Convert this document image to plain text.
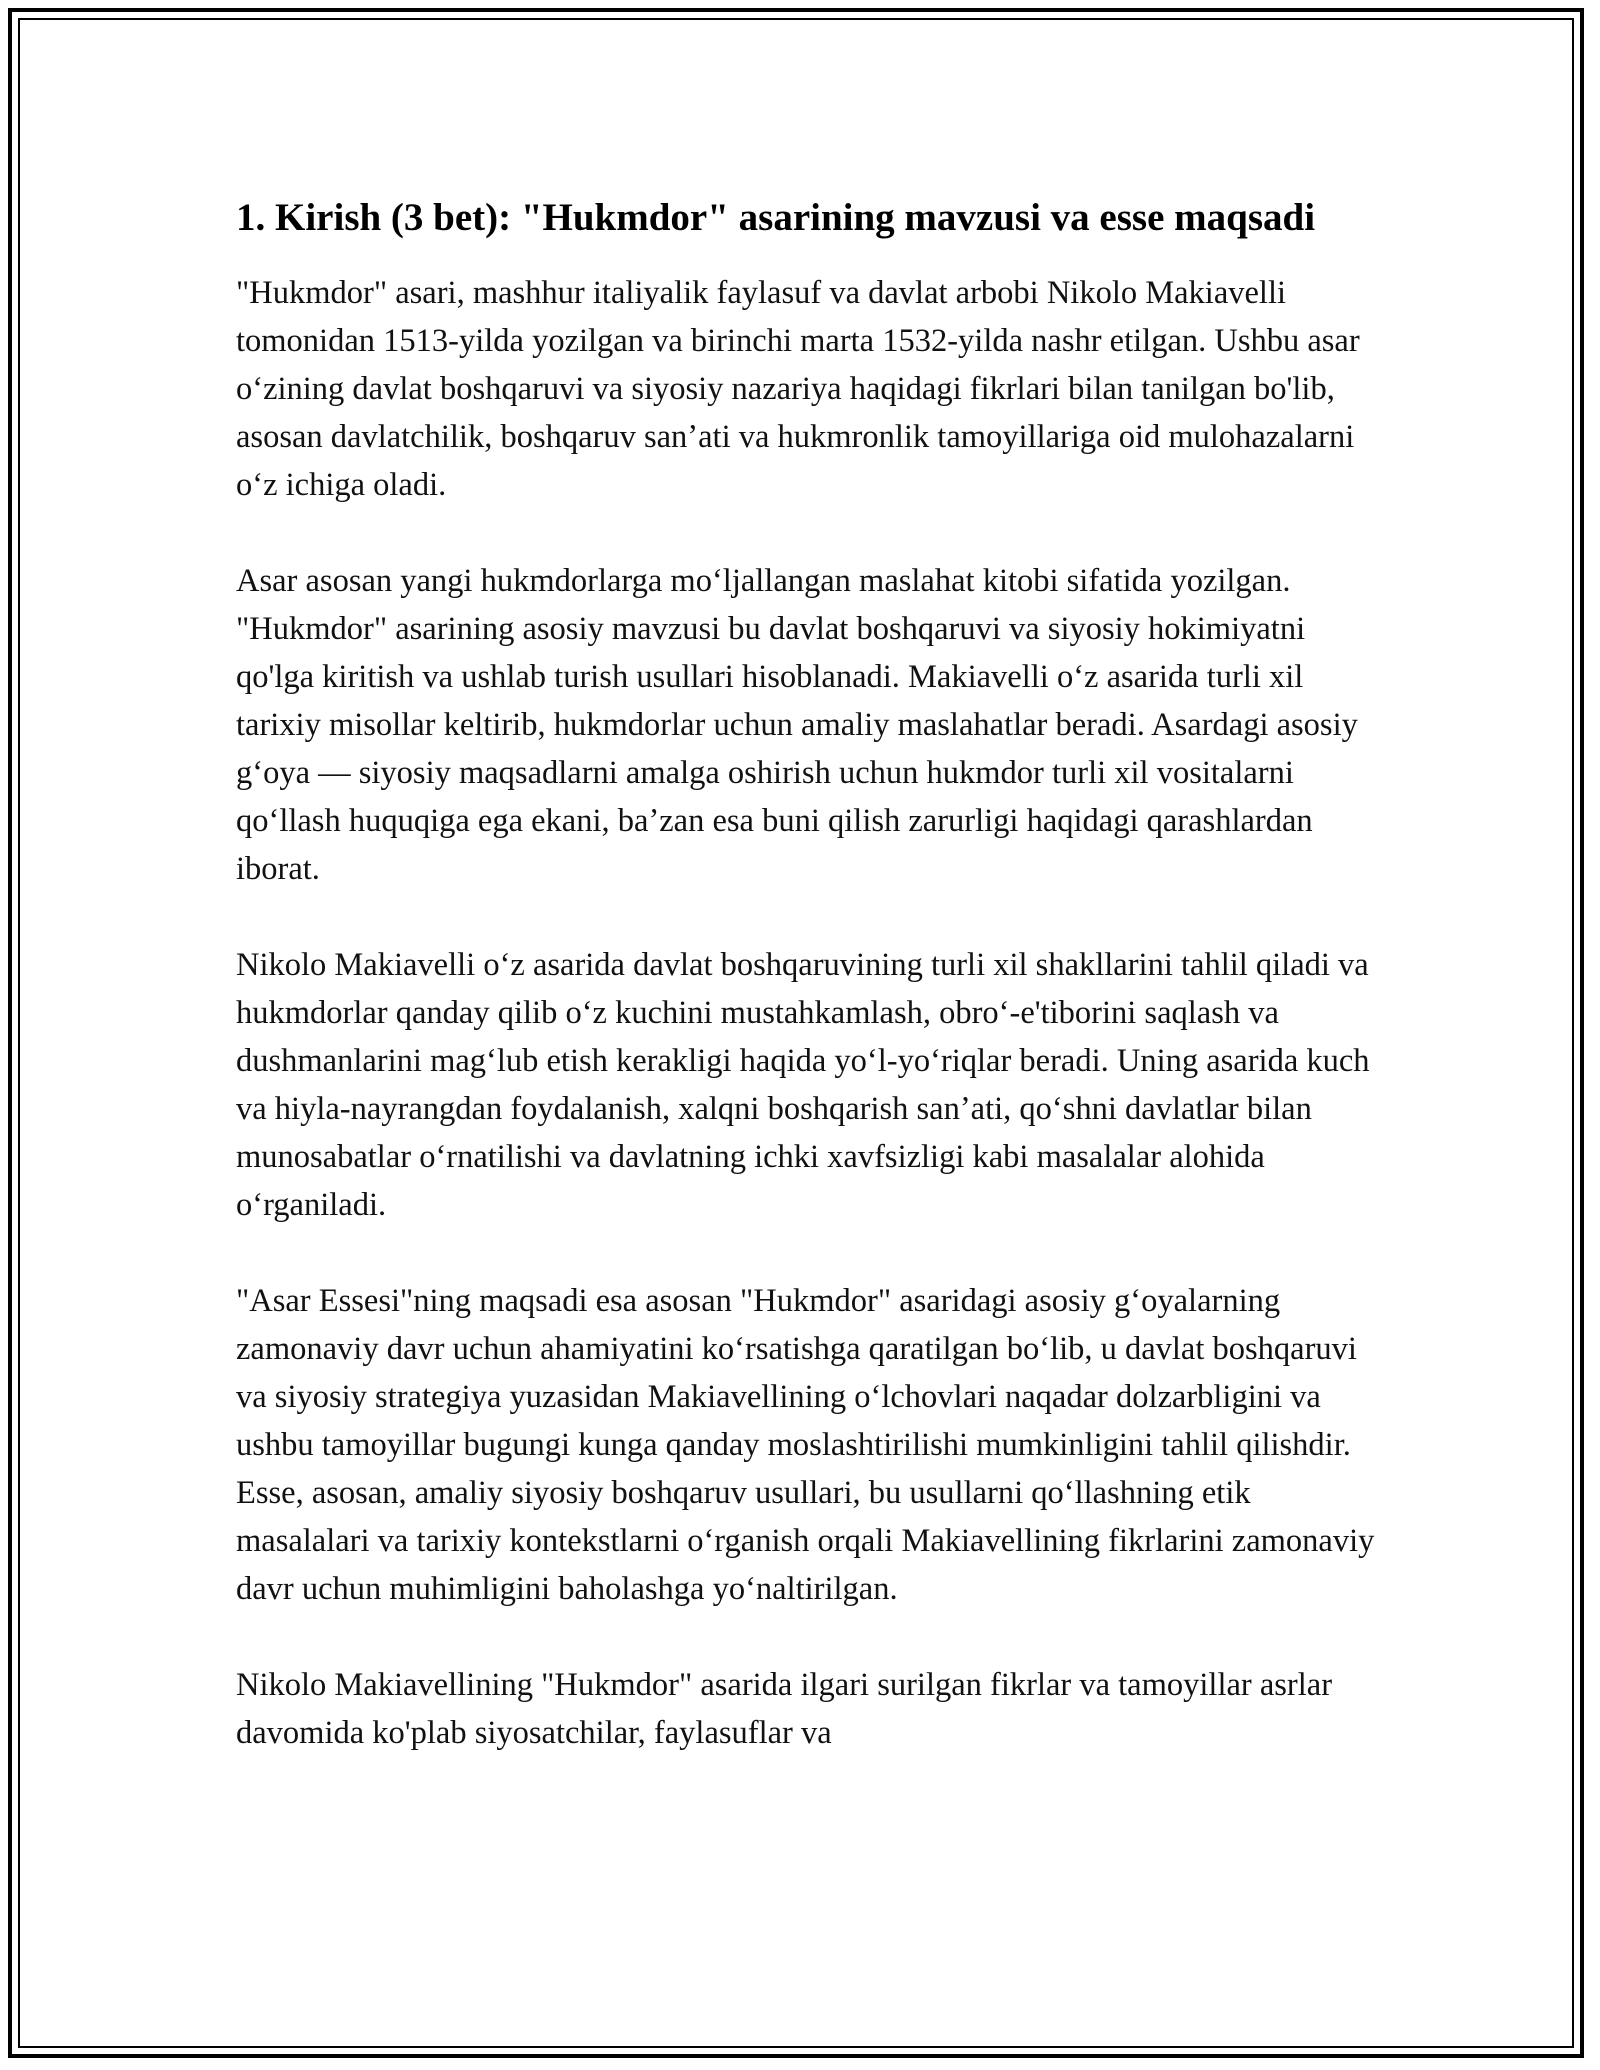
1. Kirish (3 bet): "Hukmdor" asarining mavzusi va esse maqsadi

"Hukmdor" asari, mashhur italiyalik faylasuf va davlat arbobi Nikolo Makiavelli tomonidan 1513-yilda yozilgan va birinchi marta 1532-yilda nashr etilgan. Ushbu asar oʻzining davlat boshqaruvi va siyosiy nazariya haqidagi fikrlari bilan tanilgan bo'lib, asosan davlatchilik, boshqaruv sanʼati va hukmronlik tamoyillariga oid mulohazalarni oʻz ichiga oladi.

Asar asosan yangi hukmdorlarga moʻljallangan maslahat kitobi sifatida yozilgan. "Hukmdor" asarining asosiy mavzusi bu davlat boshqaruvi va siyosiy hokimiyatni qo'lga kiritish va ushlab turish usullari hisoblanadi. Makiavelli oʻz asarida turli xil tarixiy misollar keltirib, hukmdorlar uchun amaliy maslahatlar beradi. Asardagi asosiy gʻoya — siyosiy maqsadlarni amalga oshirish uchun hukmdor turli xil vositalarni qoʻllash huquqiga ega ekani, baʼzan esa buni qilish zarurligi haqidagi qarashlardan iborat.

Nikolo Makiavelli oʻz asarida davlat boshqaruvining turli xil shakllarini tahlil qiladi va hukmdorlar qanday qilib oʻz kuchini mustahkamlash, obroʻ-e'tiborini saqlash va dushmanlarini magʻlub etish kerakligi haqida yoʻl-yoʻriqlar beradi. Uning asarida kuch va hiyla-nayrangdan foydalanish, xalqni boshqarish sanʼati, qoʻshni davlatlar bilan munosabatlar oʻrnatilishi va davlatning ichki xavfsizligi kabi masalalar alohida oʻrganiladi.

"Asar Essesi"ning maqsadi esa asosan "Hukmdor" asaridagi asosiy gʻoyalarning zamonaviy davr uchun ahamiyatini koʻrsatishga qaratilgan boʻlib, u davlat boshqaruvi va siyosiy strategiya yuzasidan Makiavellining oʻlchovlari naqadar dolzarbligini va ushbu tamoyillar bugungi kunga qanday moslashtirilishi mumkinligini tahlil qilishdir. Esse, asosan, amaliy siyosiy boshqaruv usullari, bu usullarni qoʻllashning etik masalalari va tarixiy kontekstlarni oʻrganish orqali Makiavellining fikrlarini zamonaviy davr uchun muhimligini baholashga yoʻnaltirilgan.

Nikolo Makiavellining "Hukmdor" asarida ilgari surilgan fikrlar va tamoyillar asrlar davomida ko'plab siyosatchilar, faylasuflar va
